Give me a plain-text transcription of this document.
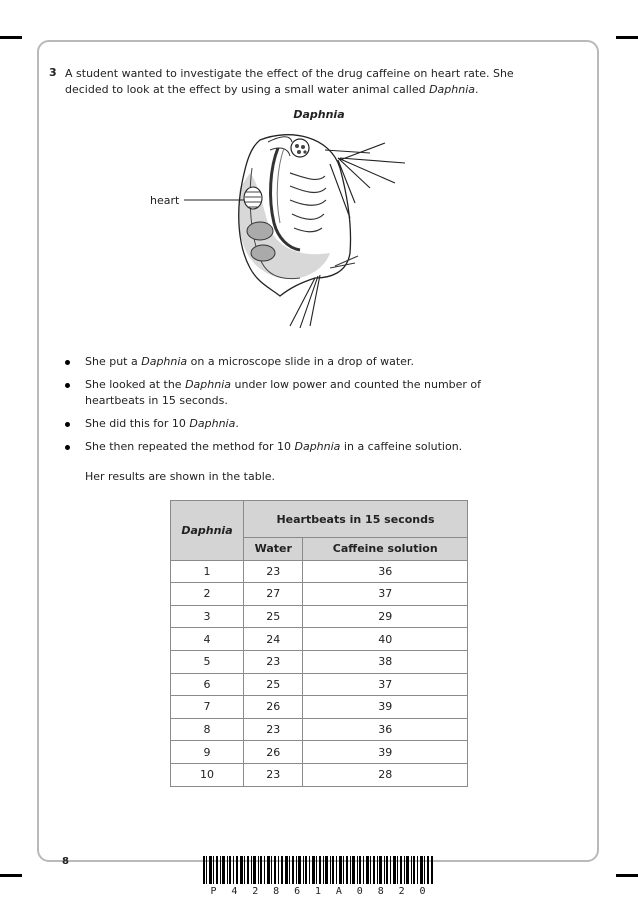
3 A student wanted to investigate the effect of the drug caffeine on heart rate. She
decided to look at the effect by using a small water animal called Daphnia.
Daphnia
heart
She put a Daphnia on a microscope slide in a drop of water.
She looked at the Daphnia under low power and counted the number of heartbeats in 15 seconds.
She did this for 10 Daphnia.
She then repeated the method for 10 Daphnia in a caffeine solution.
Her results are shown in the table.
Daphnia	Heartbeats in 15 seconds	
	Water	Caffeine solution
1	23	36
2	27	37
3	25	29
4	24	40
5	23	38
6	25	37
7	26	39
8	23	36
9	26	39
10	23	28
8
P 4 2 8 6 1 A 0 8 2 0
